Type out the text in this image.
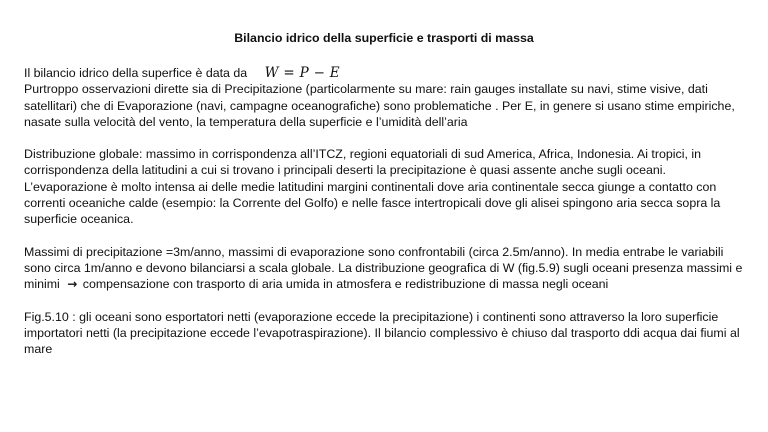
Bilancio idrico della superficie e trasporti di massa
Il bilancio idrico della superfice è data da W = P − E
Purtroppo osservazioni dirette sia di Precipitazione (particolarmente su mare: rain gauges installate su navi, stime visive, dati satellitari) che di Evaporazione (navi, campagne oceanografiche) sono problematiche . Per E, in genere si usano stime empiriche, nasate sulla velocità del vento, la temperatura della superficie e l’umidità dell’aria
Distribuzione globale: massimo in corrispondenza all’ITCZ, regioni equatoriali di sud America, Africa, Indonesia. Ai tropici, in corrispondenza della latitudini a cui si trovano i principali deserti la precipitazione è quasi assente anche sugli oceani. L’evaporazione è molto intensa ai delle medie latitudini margini continentali dove aria continentale secca giunge a contatto con correnti oceaniche calde (esempio: la Corrente del Golfo) e nelle fasce intertropicali dove gli alisei spingono aria secca sopra la superficie oceanica.
Massimi di precipitazione =3m/anno, massimi di evaporazione sono confrontabili (circa 2.5m/anno). In media entrabe le variabili sono circa 1m/anno e devono bilanciarsi a scala globale. La distribuzione geografica di W (fig.5.9) sugli oceani presenza massimi e minimi → compensazione con trasporto di aria umida in atmosfera e redistribuzione di massa negli oceani
Fig.5.10 : gli oceani sono esportatori netti (evaporazione eccede la precipitazione) i continenti sono attraverso la loro superficie importatori netti (la precipitazione eccede l’evapotraspirazione). Il bilancio complessivo è chiuso dal trasporto ddi acqua dai fiumi al mare
